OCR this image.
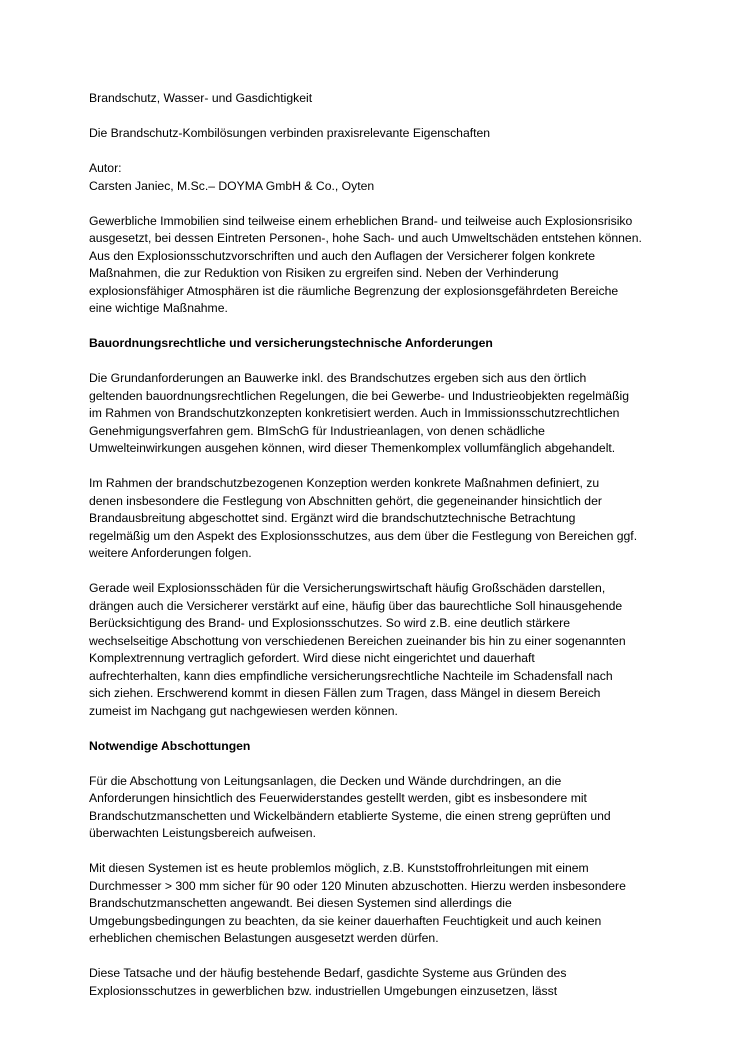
Brandschutz, Wasser- und Gasdichtigkeit

Die Brandschutz-Kombilösungen verbinden praxisrelevante Eigenschaften

Autor:
Carsten Janiec, M.Sc.– DOYMA GmbH & Co., Oyten

Gewerbliche Immobilien sind teilweise einem erheblichen Brand- und teilweise auch Explosionsrisiko
ausgesetzt, bei dessen Eintreten Personen-, hohe Sach- und auch Umweltschäden entstehen können.
Aus den Explosionsschutzvorschriften und auch den Auflagen der Versicherer folgen konkrete
Maßnahmen, die zur Reduktion von Risiken zu ergreifen sind. Neben der Verhinderung
explosionsfähiger Atmosphären ist die räumliche Begrenzung der explosionsgefährdeten Bereiche
eine wichtige Maßnahme.

Bauordnungsrechtliche und versicherungstechnische Anforderungen

Die Grundanforderungen an Bauwerke inkl. des Brandschutzes ergeben sich aus den örtlich
geltenden bauordnungsrechtlichen Regelungen, die bei Gewerbe- und Industrieobjekten regelmäßig
im Rahmen von Brandschutzkonzepten konkretisiert werden. Auch in Immissionsschutzrechtlichen
Genehmigungsverfahren gem. BImSchG für Industrieanlagen, von denen schädliche
Umwelteinwirkungen ausgehen können, wird dieser Themenkomplex vollumfänglich abgehandelt.

Im Rahmen der brandschutzbezogenen Konzeption werden konkrete Maßnahmen definiert, zu
denen insbesondere die Festlegung von Abschnitten gehört, die gegeneinander hinsichtlich der
Brandausbreitung abgeschottet sind. Ergänzt wird die brandschutztechnische Betrachtung
regelmäßig um den Aspekt des Explosionsschutzes, aus dem über die Festlegung von Bereichen ggf.
weitere Anforderungen folgen.

Gerade weil Explosionsschäden für die Versicherungswirtschaft häufig Großschäden darstellen,
drängen auch die Versicherer verstärkt auf eine, häufig über das baurechtliche Soll hinausgehende
Berücksichtigung des Brand- und Explosionsschutzes. So wird z.B. eine deutlich stärkere
wechselseitige Abschottung von verschiedenen Bereichen zueinander bis hin zu einer sogenannten
Komplextrennung vertraglich gefordert. Wird diese nicht eingerichtet und dauerhaft
aufrechterhalten, kann dies empfindliche versicherungsrechtliche Nachteile im Schadensfall nach
sich ziehen. Erschwerend kommt in diesen Fällen zum Tragen, dass Mängel in diesem Bereich
zumeist im Nachgang gut nachgewiesen werden können.

Notwendige Abschottungen

Für die Abschottung von Leitungsanlagen, die Decken und Wände durchdringen, an die
Anforderungen hinsichtlich des Feuerwiderstandes gestellt werden, gibt es insbesondere mit
Brandschutzmanschetten und Wickelbändern etablierte Systeme, die einen streng geprüften und
überwachten Leistungsbereich aufweisen.

Mit diesen Systemen ist es heute problemlos möglich, z.B. Kunststoffrohrleitungen mit einem
Durchmesser > 300 mm sicher für 90 oder 120 Minuten abzuschotten. Hierzu werden insbesondere
Brandschutzmanschetten angewandt. Bei diesen Systemen sind allerdings die
Umgebungsbedingungen zu beachten, da sie keiner dauerhaften Feuchtigkeit und auch keinen
erheblichen chemischen Belastungen ausgesetzt werden dürfen.

Diese Tatsache und der häufig bestehende Bedarf, gasdichte Systeme aus Gründen des
Explosionsschutzes in gewerblichen bzw. industriellen Umgebungen einzusetzen, lässt
